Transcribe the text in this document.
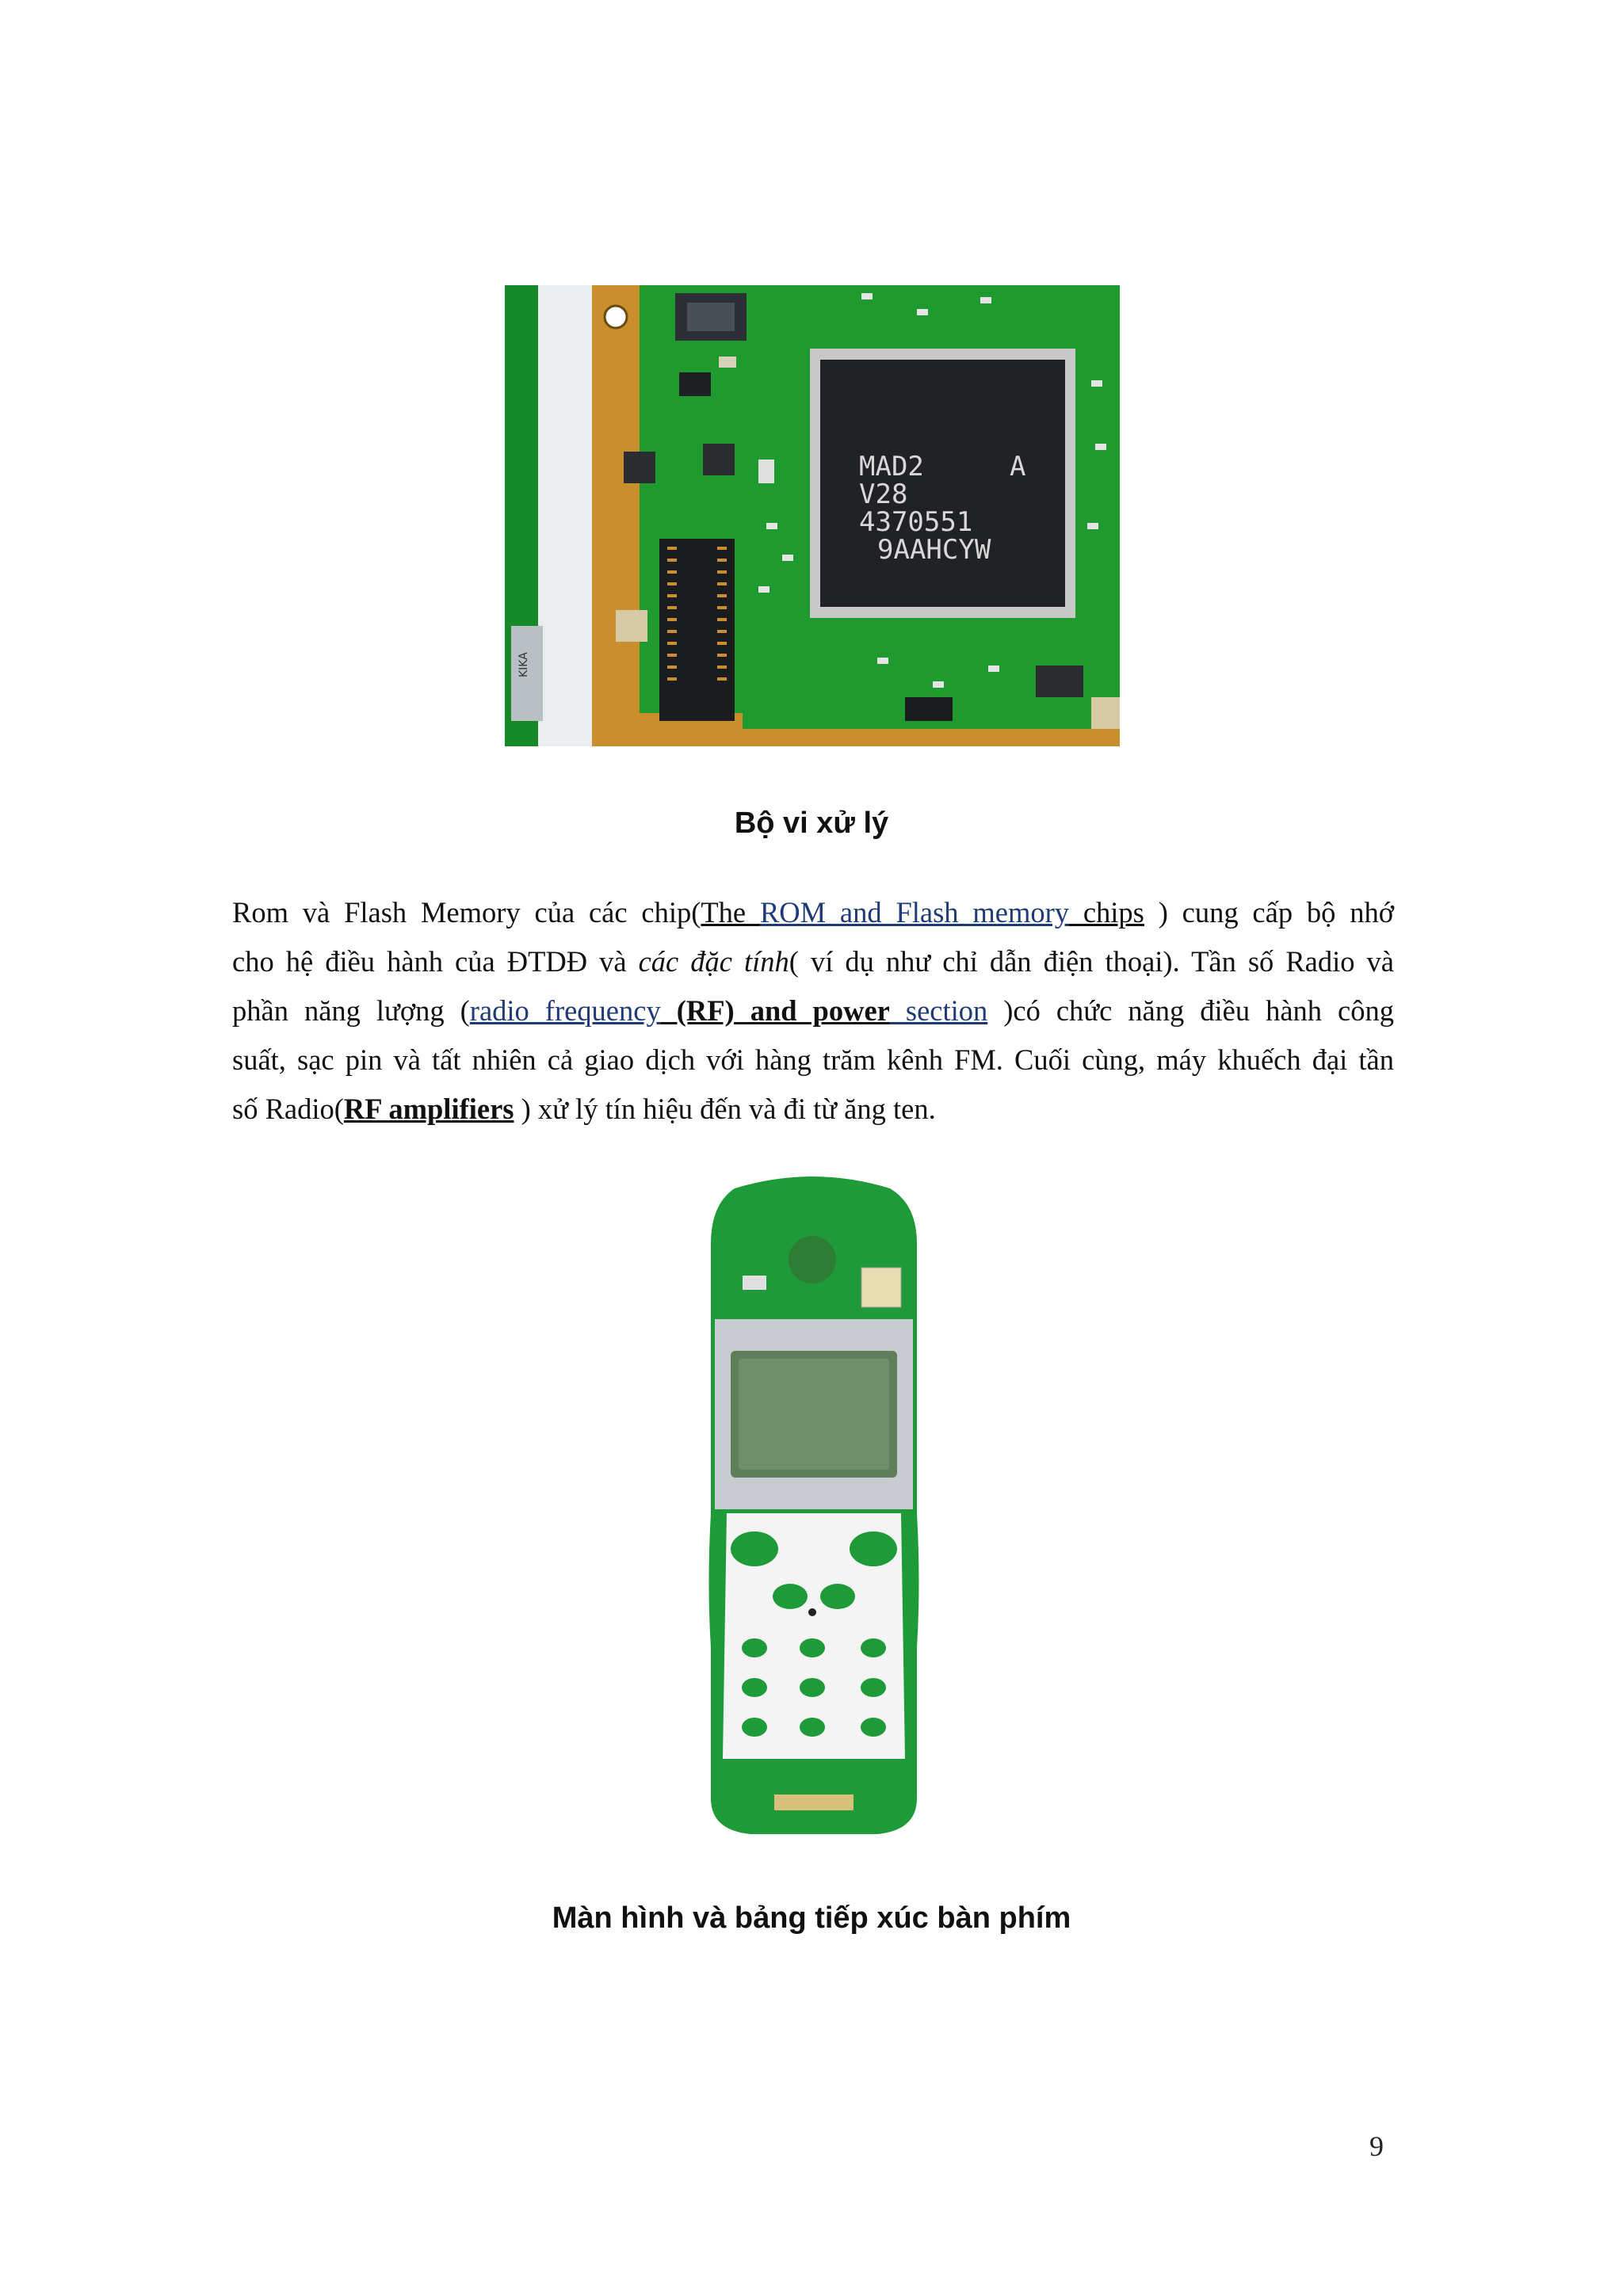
KIKA
MAD2	A
V28
4370551
9AAHCYW
Bộ vi xử lý
Rom và Flash Memory của các chip(The ROM and Flash memory chips ) cung cấp bộ nhớ
cho hệ điều hành của ĐTDĐ và các đặc tính( ví dụ như chỉ dẫn điện thoại). Tần số Radio và
phần năng lượng (radio frequency (RF) and power section )có chức năng điều hành công
suất, sạc pin và tất nhiên cả giao dịch với hàng trăm kênh FM. Cuối cùng, máy khuếch đại tần
số Radio(RF amplifiers ) xử lý tín hiệu đến và đi từ ăng ten.
Màn hình và bảng tiếp xúc bàn phím
9
